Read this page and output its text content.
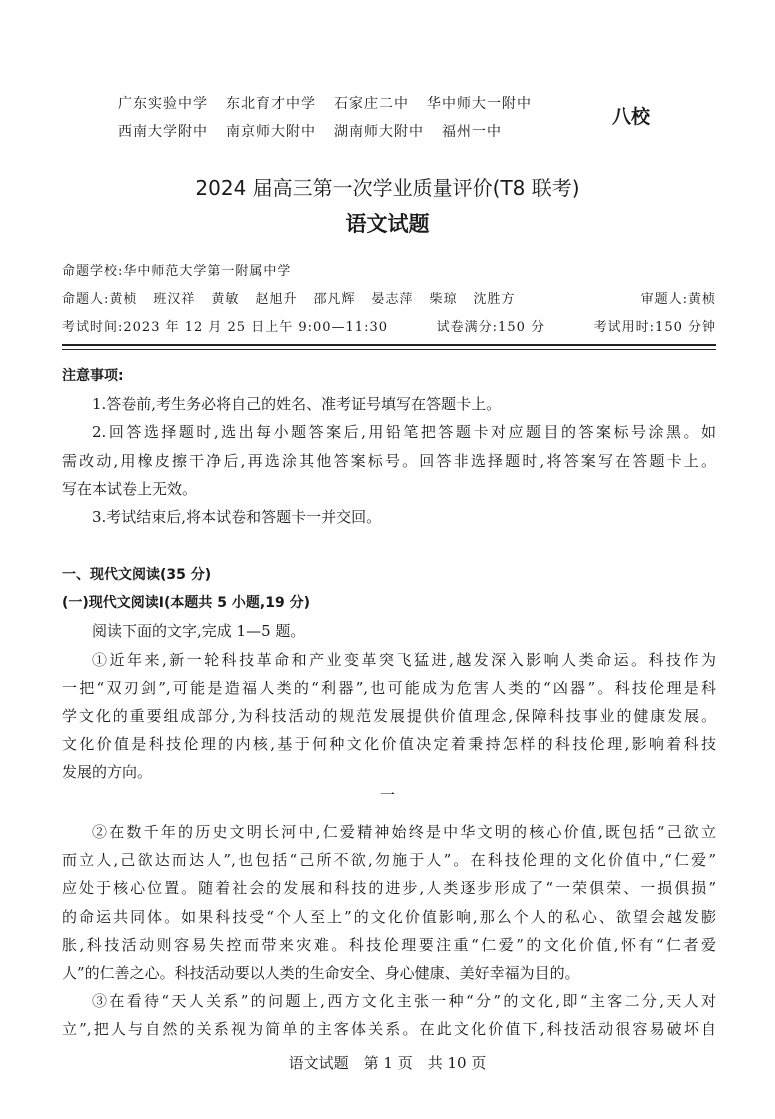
广东实验中学 东北育才中学 石家庄二中 华中师大一附中
西南大学附中 南京师大附中 湖南师大附中 福州一中
八校
2024 届高三第一次学业质量评价(T8 联考)
语文试题
命题学校:华中师范大学第一附属中学
命题人:黄桢 班汉祥 黄敏 赵旭升 邵凡辉 晏志萍 柴琼 沈胜方	审题人:黄桢
考试时间:2023 年 12 月 25 日上午 9:00—11:30	试卷满分:150 分	考试用时:150 分钟
注意事项:
1.答卷前,考生务必将自己的姓名、准考证号填写在答题卡上。
2.回答选择题时,选出每小题答案后,用铅笔把答题卡对应题目的答案标号涂黑。如
需改动,用橡皮擦干净后,再选涂其他答案标号。回答非选择题时,将答案写在答题卡上。
写在本试卷上无效。
3.考试结束后,将本试卷和答题卡一并交回。
一、现代文阅读(35 分)
(一)现代文阅读Ⅰ(本题共 5 小题,19 分)
阅读下面的文字,完成 1—5 题。
①近年来,新一轮科技革命和产业变革突飞猛进,越发深入影响人类命运。科技作为
一把“双刃剑”,可能是造福人类的“利器”,也可能成为危害人类的“凶器”。科技伦理是科
学文化的重要组成部分,为科技活动的规范发展提供价值理念,保障科技事业的健康发展。
文化价值是科技伦理的内核,基于何种文化价值决定着秉持怎样的科技伦理,影响着科技
发展的方向。
一
②在数千年的历史文明长河中,仁爱精神始终是中华文明的核心价值,既包括“己欲立
而立人,己欲达而达人”,也包括“己所不欲,勿施于人”。在科技伦理的文化价值中,“仁爱”
应处于核心位置。随着社会的发展和科技的进步,人类逐步形成了“一荣俱荣、一损俱损”
的命运共同体。如果科技受“个人至上”的文化价值影响,那么个人的私心、欲望会越发膨
胀,科技活动则容易失控而带来灾难。科技伦理要注重“仁爱”的文化价值,怀有“仁者爱
人”的仁善之心。科技活动要以人类的生命安全、身心健康、美好幸福为目的。
③在看待“天人关系”的问题上,西方文化主张一种“分”的文化,即“主客二分,天人对
立”,把人与自然的关系视为简单的主客体关系。在此文化价值下,科技活动很容易破坏自
语文试题　第 1 页　共 10 页
